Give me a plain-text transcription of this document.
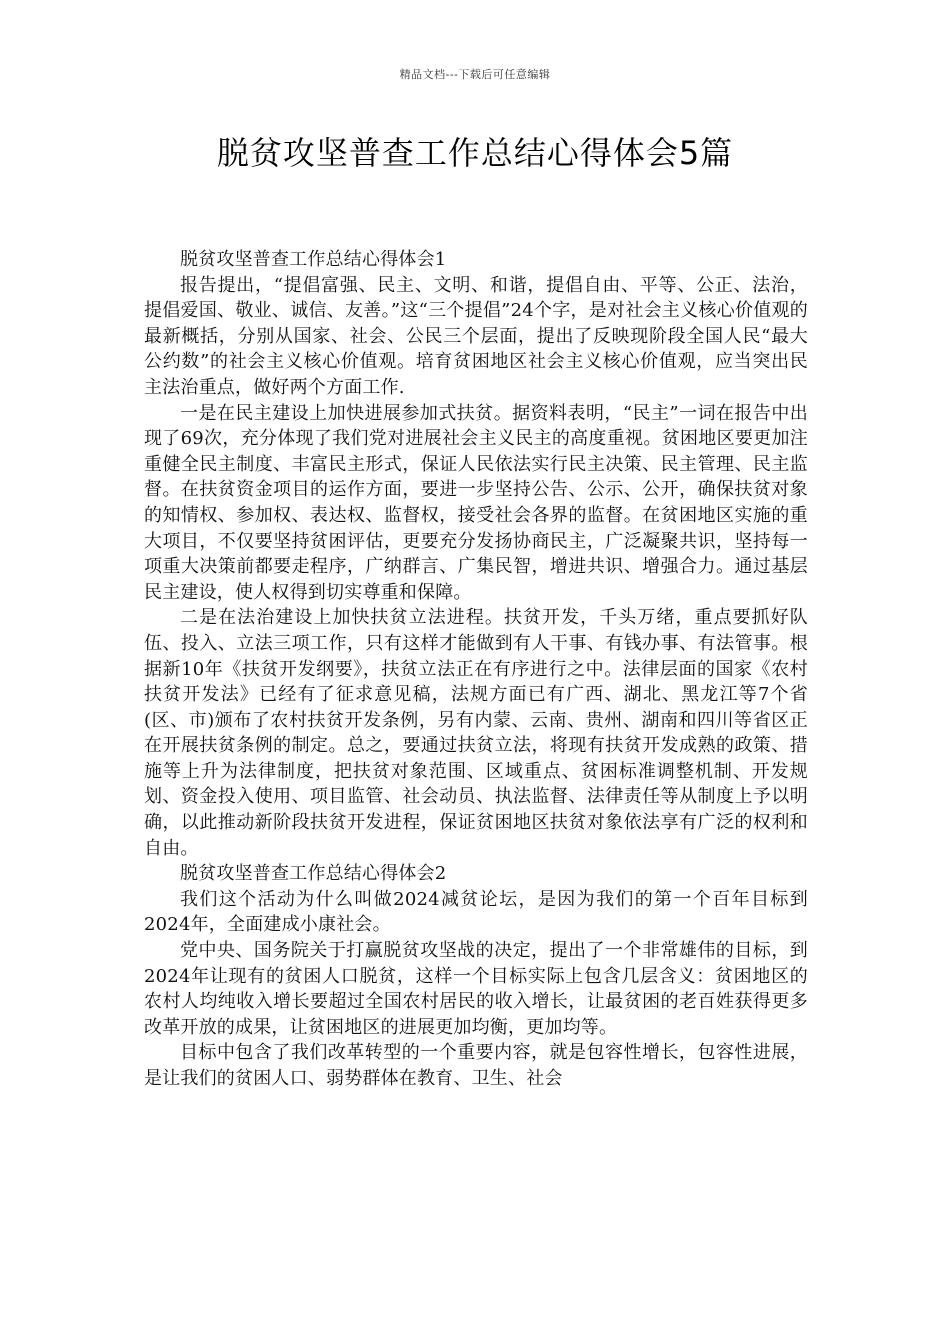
精品文档---下载后可任意编辑
脱贫攻坚普查工作总结心得体会5篇

脱贫攻坚普查工作总结心得体会1

报告提出，“提倡富强、民主、文明、和谐，提倡自由、平等、公正、法治，提倡爱国、敬业、诚信、友善。”这“三个提倡”24个字，是对社会主义核心价值观的最新概括，分别从国家、社会、公民三个层面，提出了反映现阶段全国人民“最大公约数”的社会主义核心价值观。培育贫困地区社会主义核心价值观，应当突出民主法治重点，做好两个方面工作.

一是在民主建设上加快进展参加式扶贫。据资料表明，“民主”一词在报告中出现了69次，充分体现了我们党对进展社会主义民主的高度重视。贫困地区要更加注重健全民主制度、丰富民主形式，保证人民依法实行民主决策、民主管理、民主监督。在扶贫资金项目的运作方面，要进一步坚持公告、公示、公开，确保扶贫对象的知情权、参加权、表达权、监督权，接受社会各界的监督。在贫困地区实施的重大项目，不仅要坚持贫困评估，更要充分发扬协商民主，广泛凝聚共识，坚持每一项重大决策前都要走程序，广纳群言、广集民智，增进共识、增强合力。通过基层民主建设，使人权得到切实尊重和保障。

二是在法治建设上加快扶贫立法进程。扶贫开发，千头万绪，重点要抓好队伍、投入、立法三项工作，只有这样才能做到有人干事、有钱办事、有法管事。根据新10年《扶贫开发纲要》，扶贫立法正在有序进行之中。法律层面的国家《农村扶贫开发法》已经有了征求意见稿，法规方面已有广西、湖北、黑龙江等7个省(区、市)颁布了农村扶贫开发条例，另有内蒙、云南、贵州、湖南和四川等省区正在开展扶贫条例的制定。总之，要通过扶贫立法，将现有扶贫开发成熟的政策、措施等上升为法律制度，把扶贫对象范围、区域重点、贫困标准调整机制、开发规划、资金投入使用、项目监管、社会动员、执法监督、法律责任等从制度上予以明确，以此推动新阶段扶贫开发进程，保证贫困地区扶贫对象依法享有广泛的权利和自由。

脱贫攻坚普查工作总结心得体会2

我们这个活动为什么叫做2024减贫论坛，是因为我们的第一个百年目标到2024年，全面建成小康社会。

党中央、国务院关于打赢脱贫攻坚战的决定，提出了一个非常雄伟的目标，到2024年让现有的贫困人口脱贫，这样一个目标实际上包含几层含义：贫困地区的农村人均纯收入增长要超过全国农村居民的收入增长，让最贫困的老百姓获得更多改革开放的成果，让贫困地区的进展更加均衡，更加均等。

目标中包含了我们改革转型的一个重要内容，就是包容性增长，包容性进展，是让我们的贫困人口、弱势群体在教育、卫生、社会
